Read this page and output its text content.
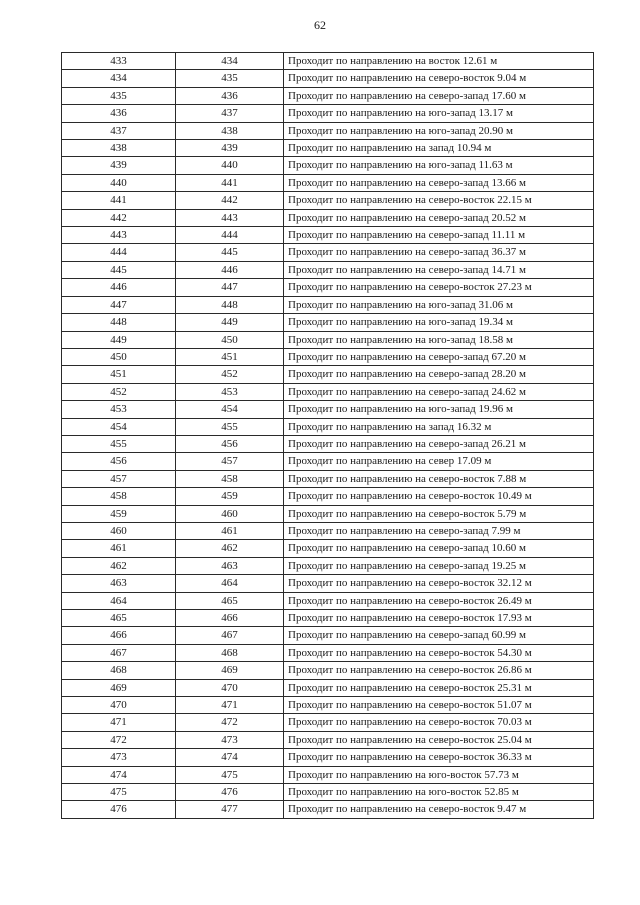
62
433	434	Проходит по направлению на восток 12.61 м
434	435	Проходит по направлению на северо-восток 9.04 м
435	436	Проходит по направлению на северо-запад 17.60 м
436	437	Проходит по направлению на юго-запад 13.17 м
437	438	Проходит по направлению на юго-запад 20.90 м
438	439	Проходит по направлению на запад 10.94 м
439	440	Проходит по направлению на юго-запад 11.63 м
440	441	Проходит по направлению на северо-запад 13.66 м
441	442	Проходит по направлению на северо-восток 22.15 м
442	443	Проходит по направлению на северо-запад 20.52 м
443	444	Проходит по направлению на северо-запад 11.11 м
444	445	Проходит по направлению на северо-запад 36.37 м
445	446	Проходит по направлению на северо-запад 14.71 м
446	447	Проходит по направлению на северо-восток 27.23 м
447	448	Проходит по направлению на юго-запад 31.06 м
448	449	Проходит по направлению на юго-запад 19.34 м
449	450	Проходит по направлению на юго-запад 18.58 м
450	451	Проходит по направлению на северо-запад 67.20 м
451	452	Проходит по направлению на северо-запад 28.20 м
452	453	Проходит по направлению на северо-запад 24.62 м
453	454	Проходит по направлению на юго-запад 19.96 м
454	455	Проходит по направлению на запад 16.32 м
455	456	Проходит по направлению на северо-запад 26.21 м
456	457	Проходит по направлению на север 17.09 м
457	458	Проходит по направлению на северо-восток 7.88 м
458	459	Проходит по направлению на северо-восток 10.49 м
459	460	Проходит по направлению на северо-восток 5.79 м
460	461	Проходит по направлению на северо-запад 7.99 м
461	462	Проходит по направлению на северо-запад 10.60 м
462	463	Проходит по направлению на северо-запад 19.25 м
463	464	Проходит по направлению на северо-восток 32.12 м
464	465	Проходит по направлению на северо-восток 26.49 м
465	466	Проходит по направлению на северо-восток 17.93 м
466	467	Проходит по направлению на северо-запад 60.99 м
467	468	Проходит по направлению на северо-восток 54.30 м
468	469	Проходит по направлению на северо-восток 26.86 м
469	470	Проходит по направлению на северо-восток 25.31 м
470	471	Проходит по направлению на северо-восток 51.07 м
471	472	Проходит по направлению на северо-восток 70.03 м
472	473	Проходит по направлению на северо-восток 25.04 м
473	474	Проходит по направлению на северо-восток 36.33 м
474	475	Проходит по направлению на юго-восток 57.73 м
475	476	Проходит по направлению на юго-восток 52.85 м
476	477	Проходит по направлению на северо-восток 9.47 м
